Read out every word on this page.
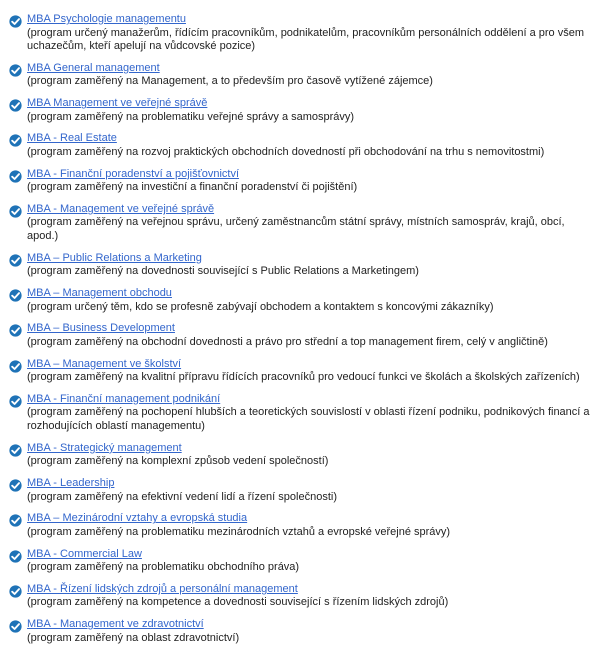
MBA Psychologie managementu
(program určený manažerům, řídícím pracovníkům, podnikatelům, pracovníkům personálních oddělení a pro všem uchazečům, kteří apelují na vůdcovské pozice)
MBA General management
(program zaměřený na Management, a to především pro časově vytížené zájemce)
MBA Management ve veřejné správě
(program zaměřený na problematiku veřejné správy a samosprávy)
MBA - Real Estate
(program zaměřený na rozvoj praktických obchodních dovedností při obchodování na trhu s nemovitostmi)
MBA - Finanční poradenství a pojišťovnictví
(program zaměřený na investiční a finanční poradenství či pojištění)
MBA - Management ve veřejné správě
(program zaměřený na veřejnou správu, určený zaměstnancům státní správy, místních samospráv, krajů, obcí, apod.)
MBA – Public Relations a Marketing
(program zaměřený na dovednosti související s Public Relations a Marketingem)
MBA – Management obchodu
(program určený těm, kdo se profesně zabývají obchodem a kontaktem s koncovými zákazníky)
MBA – Business Development
(program zaměřený na obchodní dovednosti a právo pro střední a top management firem, celý v angličtině)
MBA – Management ve školství
(program zaměřený na kvalitní přípravu řídících pracovníků pro vedoucí funkci ve školách a školských zařízeních)
MBA - Finanční management podnikání
(program zaměřený na pochopení hlubších a teoretických souvislostí v oblasti řízení podniku, podnikových financí a rozhodujících oblastí managementu)
MBA - Strategický management
(program zaměřený na komplexní způsob vedení společností)
MBA - Leadership
(program zaměřený na efektivní vedení lidí a řízení společnosti)
MBA – Mezinárodní vztahy a evropská studia
(program zaměřený na problematiku mezinárodních vztahů a evropské veřejné správy)
MBA - Commercial Law
(program zaměřený na problematiku obchodního práva)
MBA - Řízení lidských zdrojů a personální management
(program zaměřený na kompetence a dovednosti související s řízením lidských zdrojů)
MBA - Management ve zdravotnictví
(program zaměřený na oblast zdravotnictví)
